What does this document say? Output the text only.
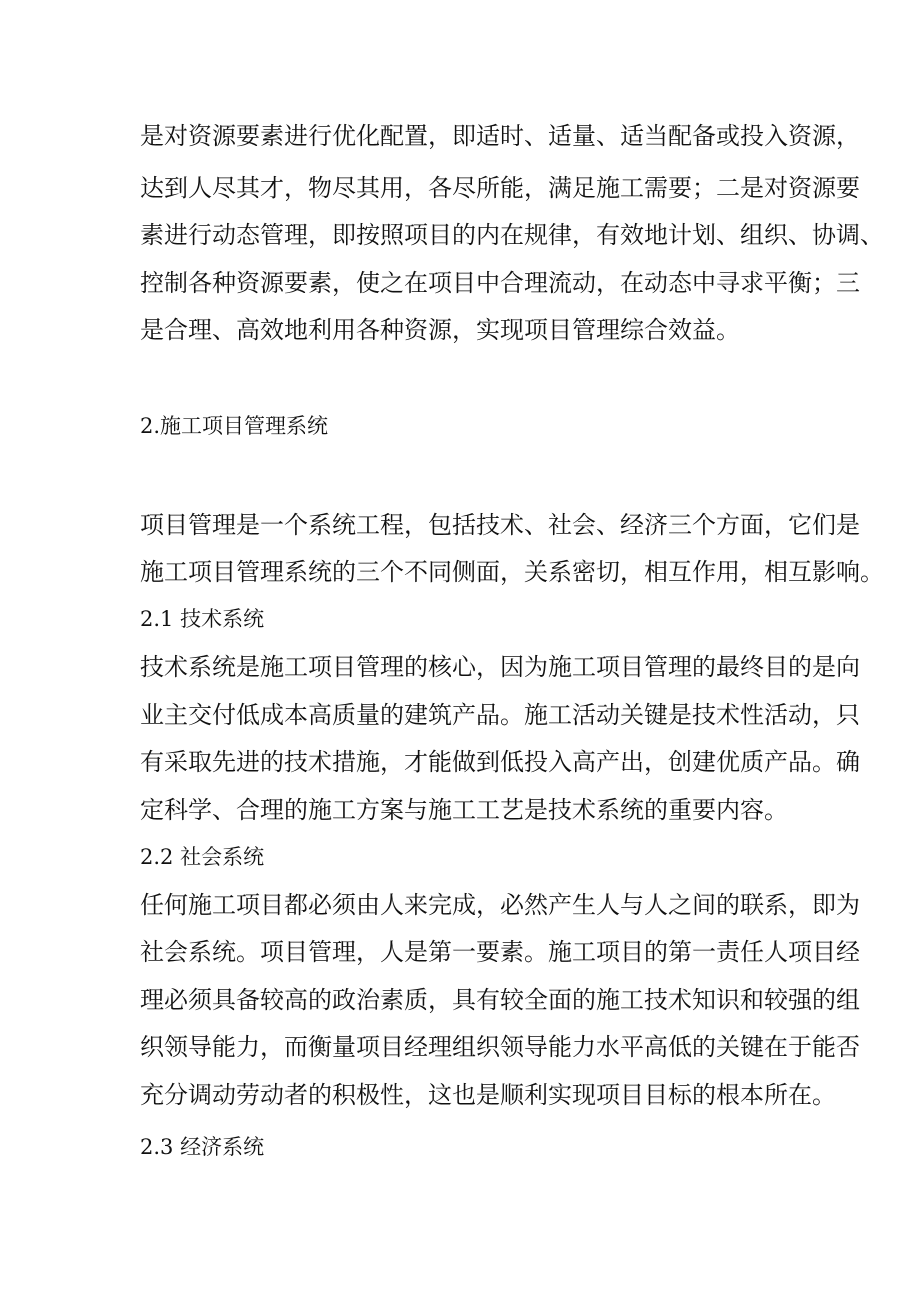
是对资源要素进行优化配置，即适时、适量、适当配备或投入资源，
达到人尽其才，物尽其用，各尽所能，满足施工需要；二是对资源要
素进行动态管理，即按照项目的内在规律，有效地计划、组织、协调、
控制各种资源要素，使之在项目中合理流动，在动态中寻求平衡；三
是合理、高效地利用各种资源，实现项目管理综合效益。
2.施工项目管理系统
项目管理是一个系统工程，包括技术、社会、经济三个方面，它们是
施工项目管理系统的三个不同侧面，关系密切，相互作用，相互影响。
2.1 技术系统
技术系统是施工项目管理的核心，因为施工项目管理的最终目的是向
业主交付低成本高质量的建筑产品。施工活动关键是技术性活动，只
有采取先进的技术措施，才能做到低投入高产出，创建优质产品。确
定科学、合理的施工方案与施工工艺是技术系统的重要内容。
2.2 社会系统
任何施工项目都必须由人来完成，必然产生人与人之间的联系，即为
社会系统。项目管理，人是第一要素。施工项目的第一责任人项目经
理必须具备较高的政治素质，具有较全面的施工技术知识和较强的组
织领导能力，而衡量项目经理组织领导能力水平高低的关键在于能否
充分调动劳动者的积极性，这也是顺利实现项目目标的根本所在。
2.3 经济系统
